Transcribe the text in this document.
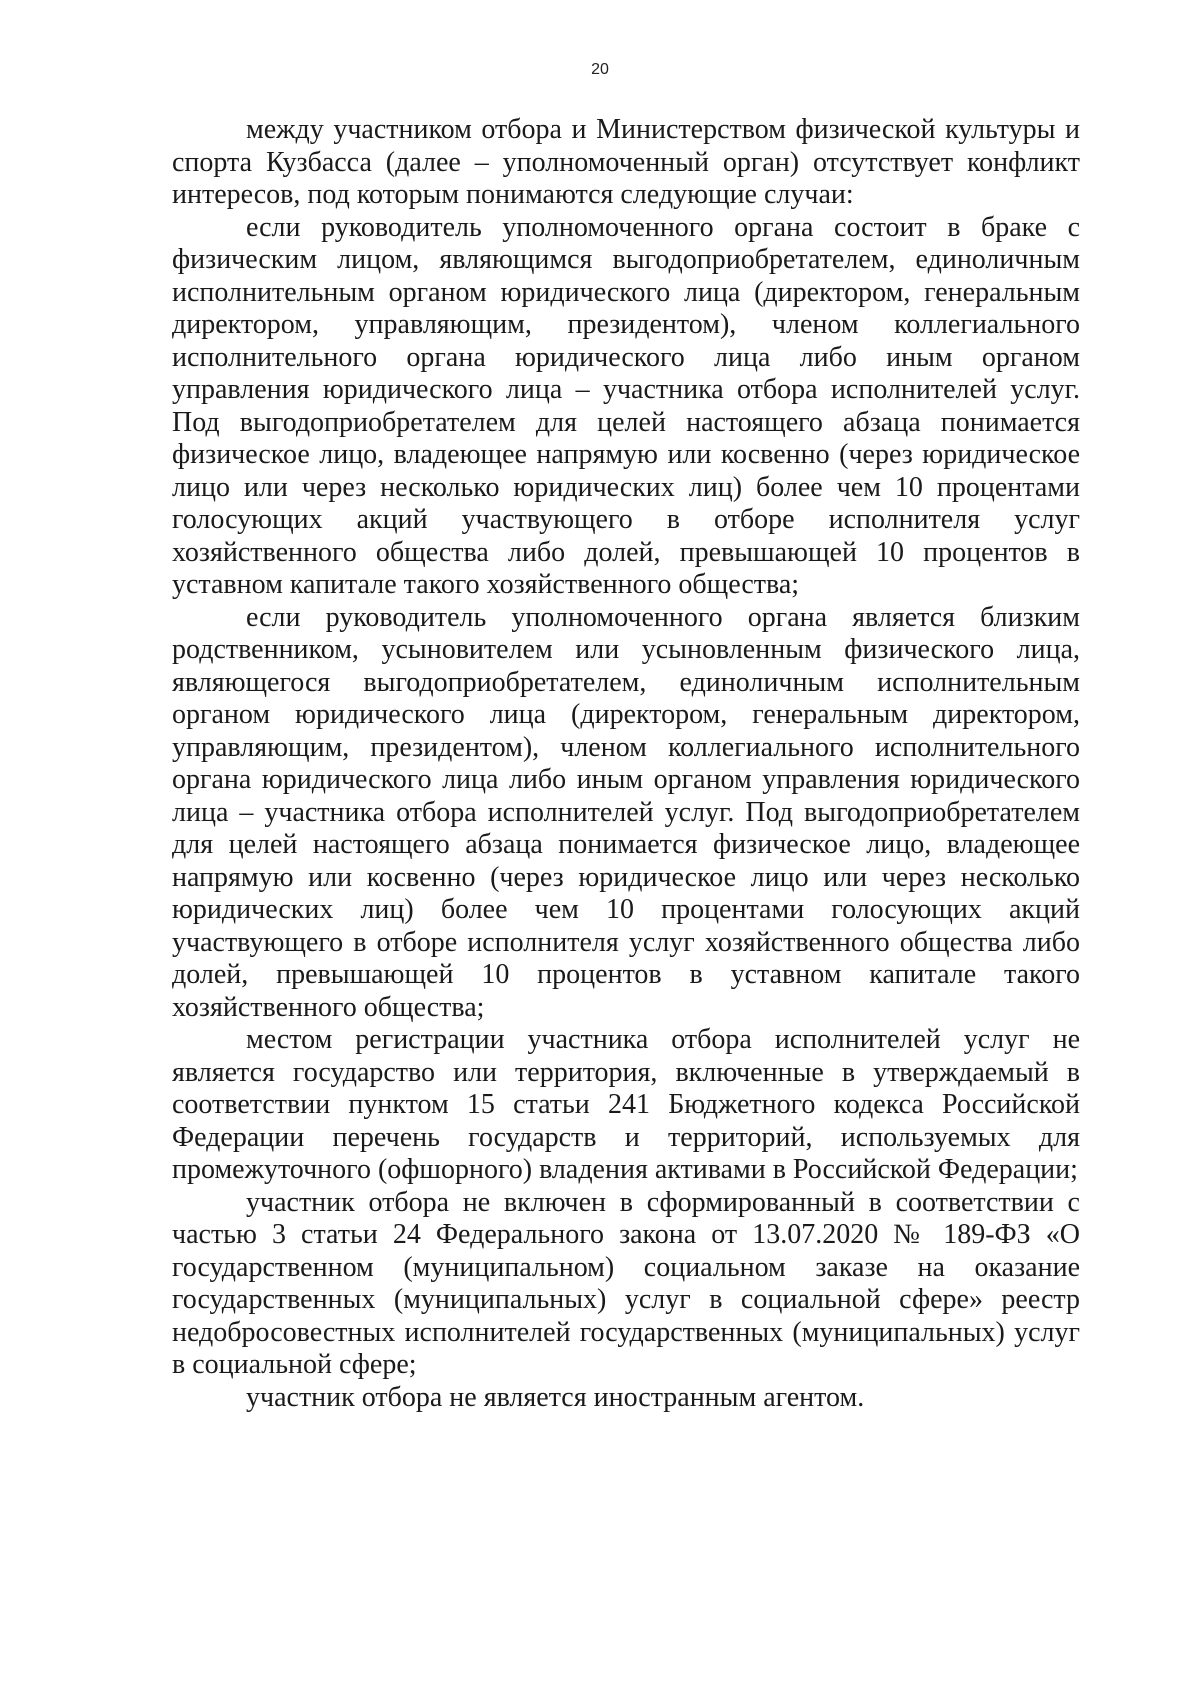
20

между участником отбора и Министерством физической культуры и спорта Кузбасса (далее – уполномоченный орган) отсутствует конфликт интересов, под которым понимаются следующие случаи:

если руководитель уполномоченного органа состоит в браке с физическим лицом, являющимся выгодоприобретателем, единоличным исполнительным органом юридического лица (директором, генеральным директором, управляющим, президентом), членом коллегиального исполнительного органа юридического лица либо иным органом управления юридического лица – участника отбора исполнителей услуг. Под выгодоприобретателем для целей настоящего абзаца понимается физическое лицо, владеющее напрямую или косвенно (через юридическое лицо или через несколько юридических лиц) более чем 10 процентами голосующих акций участвующего в отборе исполнителя услуг хозяйственного общества либо долей, превышающей 10 процентов в уставном капитале такого хозяйственного общества;

если руководитель уполномоченного органа является близким родственником, усыновителем или усыновленным физического лица, являющегося выгодоприобретателем, единоличным исполнительным органом юридического лица (директором, генеральным директором, управляющим, президентом), членом коллегиального исполнительного органа юридического лица либо иным органом управления юридического лица – участника отбора исполнителей услуг. Под выгодоприобретателем для целей настоящего абзаца понимается физическое лицо, владеющее напрямую или косвенно (через юридическое лицо или через несколько юридических лиц) более чем 10 процентами голосующих акций участвующего в отборе исполнителя услуг хозяйственного общества либо долей, превышающей 10 процентов в уставном капитале такого хозяйственного общества;

местом регистрации участника отбора исполнителей услуг не является государство или территория, включенные в утверждаемый в соответствии пунктом 15 статьи 241 Бюджетного кодекса Российской Федерации перечень государств и территорий, используемых для промежуточного (офшорного) владения активами в Российской Федерации;

участник отбора не включен в сформированный в соответствии с частью 3 статьи 24 Федерального закона от 13.07.2020 № 189-ФЗ «О государственном (муниципальном) социальном заказе на оказание государственных (муниципальных) услуг в социальной сфере» реестр недобросовестных исполнителей государственных (муниципальных) услуг в социальной сфере;

участник отбора не является иностранным агентом.
